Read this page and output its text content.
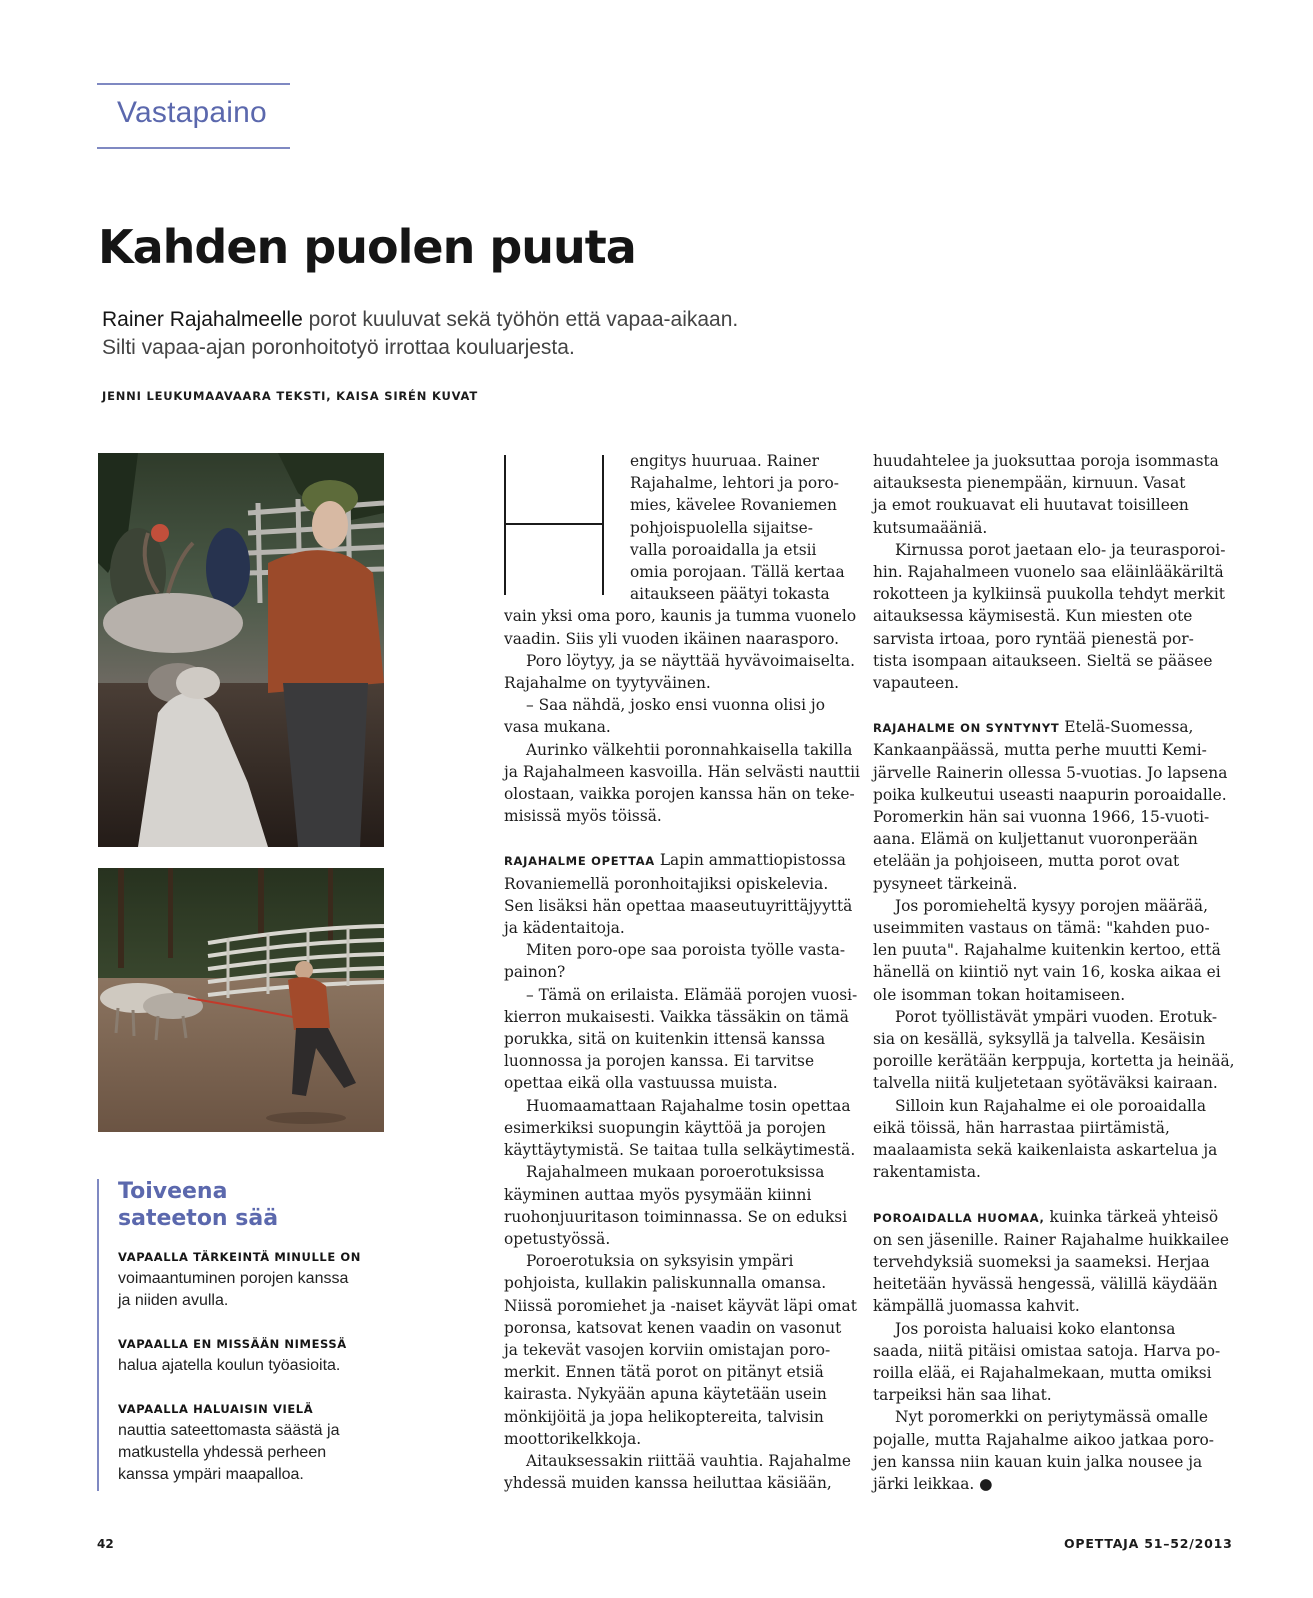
Vastapaino
Kahden puolen puuta

Rainer Rajahalmeelle porot kuuluvat sekä työhön että vapaa-aikaan.
Silti vapaa-ajan poronhoitotyö irrottaa kouluarjesta.

JENNI LEUKUMAAVAARA TEKSTI, KAISA SIRÉN KUVAT
Toiveena
sateeton sää
VAPAALLA TÄRKEINTÄ MINULLE ON
voimaantuminen porojen kanssa
ja niiden avulla.
VAPAALLA EN MISSÄÄN NIMESSÄ
halua ajatella koulun työasioita.
VAPAALLA HALUAISIN VIELÄ
nauttia sateettomasta säästä ja
matkustella yhdessä perheen
kanssa ympäri maapalloa.
engitys huuruaa. Rainer
Rajahalme, lehtori ja poro-
mies, kävelee Rovaniemen
pohjoispuolella sijaitse-
valla poroaidalla ja etsii
omia porojaan. Tällä kertaa
aitaukseen päätyi tokasta
vain yksi oma poro, kaunis ja tumma vuonelo
vaadin. Siis yli vuoden ikäinen naarasporo.
Poro löytyy, ja se näyttää hyvävoimaiselta.
Rajahalme on tyytyväinen.
– Saa nähdä, josko ensi vuonna olisi jo
vasa mukana.
Aurinko välkehtii poronnahkaisella takilla
ja Rajahalmeen kasvoilla. Hän selvästi nauttii
olostaan, vaikka porojen kanssa hän on teke-
misissä myös töissä.
RAJAHALME OPETTAA Lapin ammattiopistossa
Rovaniemellä poronhoitajiksi opiskelevia.
Sen lisäksi hän opettaa maaseutuyrittäjyyttä
ja kädentaitoja.
Miten poro-ope saa poroista työlle vasta-
painon?
– Tämä on erilaista. Elämää porojen vuosi-
kierron mukaisesti. Vaikka tässäkin on tämä
porukka, sitä on kuitenkin ittensä kanssa
luonnossa ja porojen kanssa. Ei tarvitse
opettaa eikä olla vastuussa muista.
Huomaamattaan Rajahalme tosin opettaa
esimerkiksi suopungin käyttöä ja porojen
käyttäytymistä. Se taitaa tulla selkäytimestä.
Rajahalmeen mukaan poroerotuksissa
käyminen auttaa myös pysymään kiinni
ruohonjuuritason toiminnassa. Se on eduksi
opetustyössä.
Poroerotuksia on syksyisin ympäri
pohjoista, kullakin paliskunnalla omansa.
Niissä poromiehet ja -naiset käyvät läpi omat
poronsa, katsovat kenen vaadin on vasonut
ja tekevät vasojen korviin omistajan poro-
merkit. Ennen tätä porot on pitänyt etsiä
kairasta. Nykyään apuna käytetään usein
mönkijöitä ja jopa helikoptereita, talvisin
moottorikelkkoja.
Aitauksessakin riittää vauhtia. Rajahalme
yhdessä muiden kanssa heiluttaa käsiään,
huudahtelee ja juoksuttaa poroja isommasta
aitauksesta pienempään, kirnuun. Vasat
ja emot roukuavat eli huutavat toisilleen
kutsumaääniä.
Kirnussa porot jaetaan elo- ja teurasporoi-
hin. Rajahalmeen vuonelo saa eläinlääkäriltä
rokotteen ja kylkiinsä puukolla tehdyt merkit
aitauksessa käymisestä. Kun miesten ote
sarvista irtoaa, poro ryntää pienestä por-
tista isompaan aitaukseen. Sieltä se pääsee
vapauteen.
RAJAHALME ON SYNTYNYT Etelä-Suomessa,
Kankaanpäässä, mutta perhe muutti Kemi-
järvelle Rainerin ollessa 5-vuotias. Jo lapsena
poika kulkeutui useasti naapurin poroaidalle.
Poromerkin hän sai vuonna 1966, 15-vuoti-
aana. Elämä on kuljettanut vuoronperään
etelään ja pohjoiseen, mutta porot ovat
pysyneet tärkeinä.
Jos poromieheltä kysyy porojen määrää,
useimmiten vastaus on tämä: "kahden puo-
len puuta". Rajahalme kuitenkin kertoo, että
hänellä on kiintiö nyt vain 16, koska aikaa ei
ole isomman tokan hoitamiseen.
Porot työllistävät ympäri vuoden. Erotuk-
sia on kesällä, syksyllä ja talvella. Kesäisin
poroille kerätään kerppuja, kortetta ja heinää,
talvella niitä kuljetetaan syötäväksi kairaan.
Silloin kun Rajahalme ei ole poroaidalla
eikä töissä, hän harrastaa piirtämistä,
maalaamista sekä kaikenlaista askartelua ja
rakentamista.
POROAIDALLA HUOMAA, kuinka tärkeä yhteisö
on sen jäsenille. Rainer Rajahalme huikkailee
tervehdyksiä suomeksi ja saameksi. Herjaa
heitetään hyvässä hengessä, välillä käydään
kämpällä juomassa kahvit.
Jos poroista haluaisi koko elantonsa
saada, niitä pitäisi omistaa satoja. Harva po-
roilla elää, ei Rajahalmekaan, mutta omiksi
tarpeiksi hän saa lihat.
Nyt poromerkki on periytymässä omalle
pojalle, mutta Rajahalme aikoo jatkaa poro-
jen kanssa niin kauan kuin jalka nousee ja
järki leikkaa. ●
42	OPETTAJA 51–52/2013
